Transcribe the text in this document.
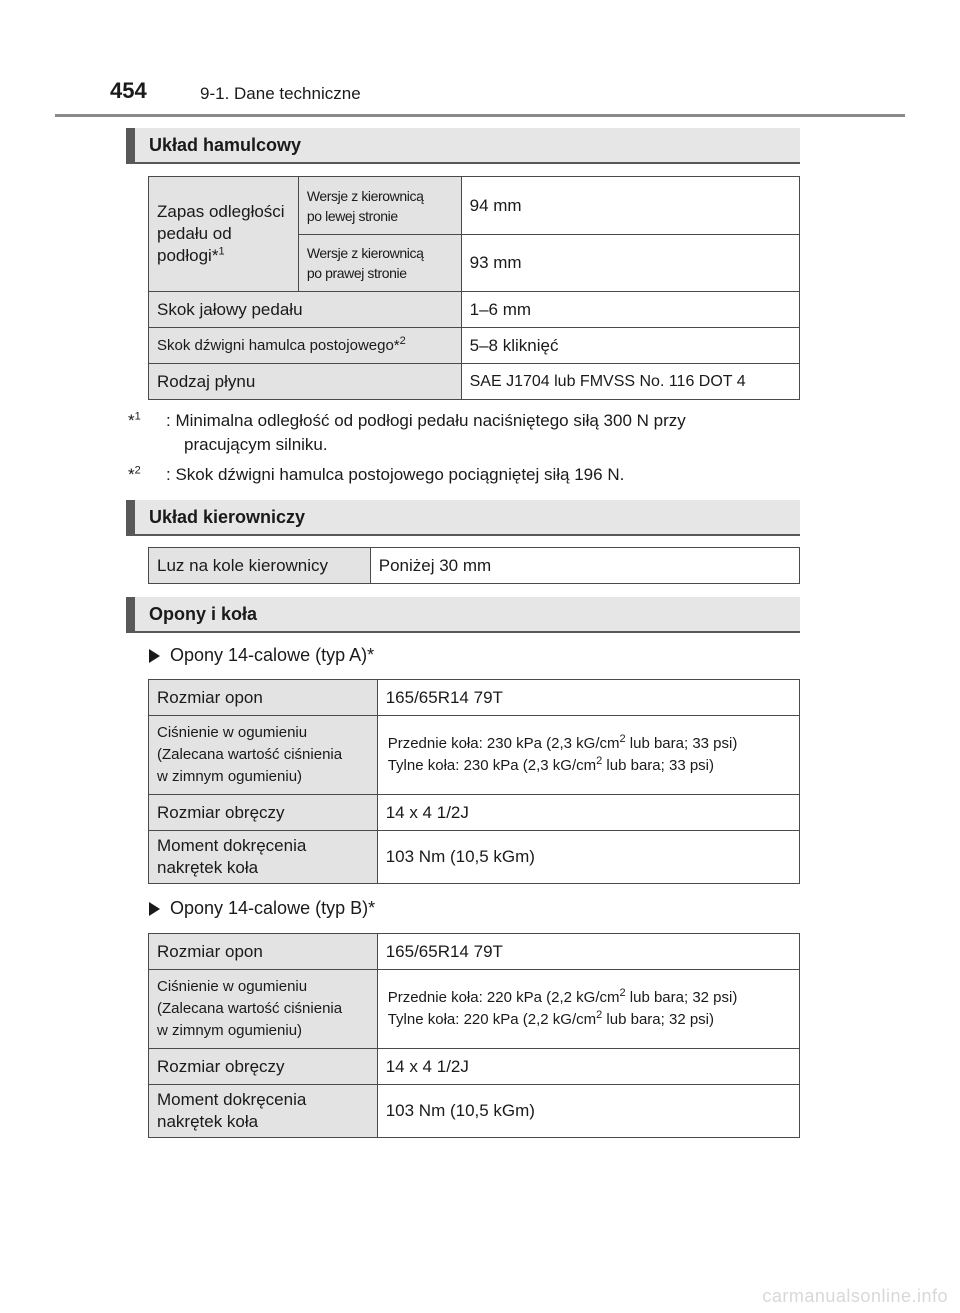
454	9-1. Dane techniczne
Układ hamulcowy
Zapas odległości
pedału od
podłogi*$^1$	Wersje z kierownicą
po lewej stronie	94 mm
	Wersje z kierownicą
po prawej stronie	93 mm
Skok jałowy pedału		1–6 mm
Skok dźwigni hamulca postojowego*$^2$		5–8 kliknięć
Rodzaj płynu		SAE J1704 lub FMVSS No. 116 DOT 4
*$^1$ : Minimalna odległość od podłogi pedału naciśniętego siłą 300 N przy
pracującym silniku.
*$^2$ : Skok dźwigni hamulca postojowego pociągniętej siłą 196 N.
Układ kierowniczy
Luz na kole kierownicy	Poniżej 30 mm
Opony i koła
Opony 14-calowe (typ A)*
Rozmiar opon	165/65R14 79T
Ciśnienie w ogumieniu
(Zalecana wartość ciśnienia
w zimnym ogumieniu)	Przednie koła: 230 kPa (2,3 $kG/cm^2$ lub bara; 33 psi)
Tylne koła: 230 kPa (2,3 $kG/cm^2$ lub bara; 33 psi)
Rozmiar obręczy	14 x 4 1/2J
Moment dokręcenia
nakrętek koła	103 Nm (10,5 kGm)
Opony 14-calowe (typ B)*
Rozmiar opon	165/65R14 79T
Ciśnienie w ogumieniu
(Zalecana wartość ciśnienia
w zimnym ogumieniu)	Przednie koła: 220 kPa (2,2 $kG/cm^2$ lub bara; 32 psi)
Tylne koła: 220 kPa (2,2 $kG/cm^2$ lub bara; 32 psi)
Rozmiar obręczy	14 x 4 1/2J
Moment dokręcenia
nakrętek koła	103 Nm (10,5 kGm)
carmanualsonline.info
